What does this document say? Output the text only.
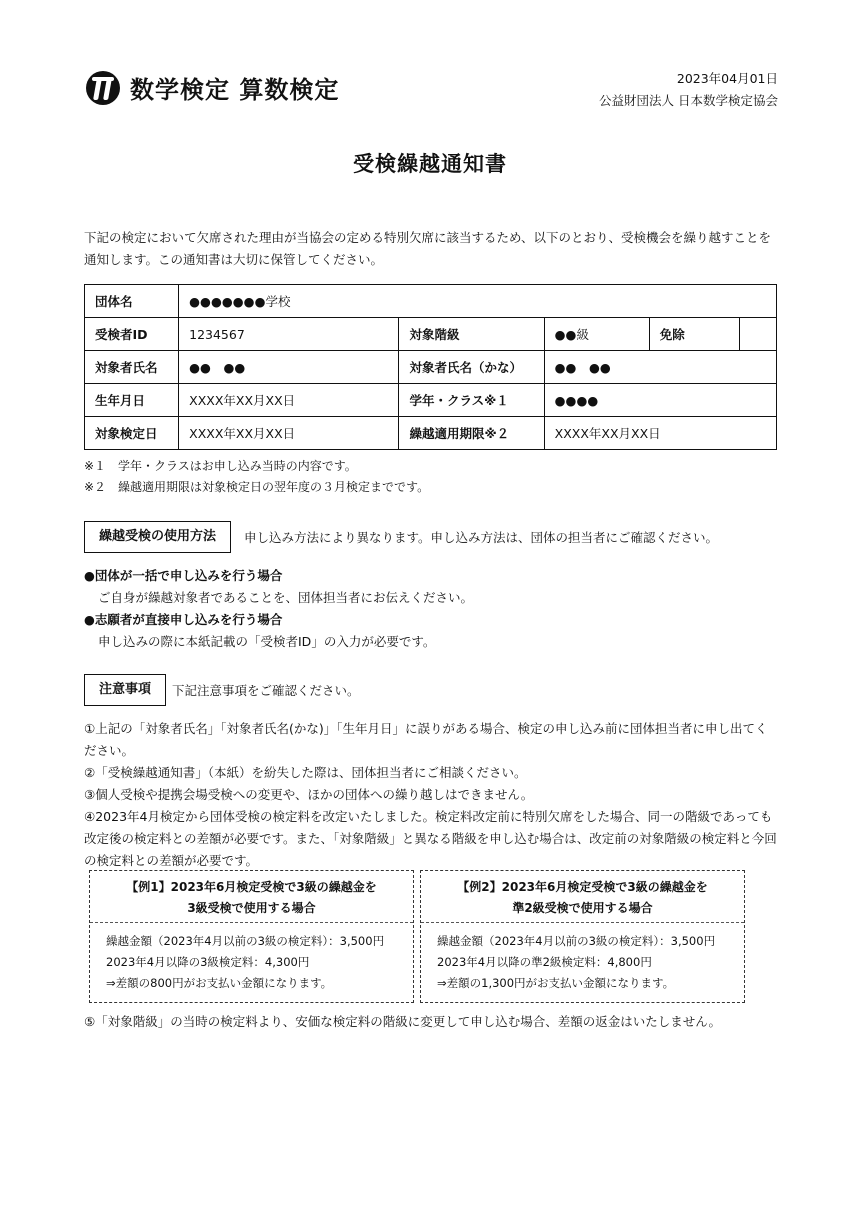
数学検定 算数検定	2023年04月01日
公益財団法人 日本数学検定協会
受検繰越通知書
下記の検定において欠席された理由が当協会の定める特別欠席に該当するため、以下のとおり、受検機会を繰り越すことを通知します。この通知書は大切に保管してください。
団体名	●●●●●●●学校				
受検者ID	1234567	対象階級	●●級	免除	
対象者氏名	●●　●●	対象者氏名（かな）	●●　●●		
生年月日	XXXX年XX月XX日	学年・クラス※１	●●●●		
対象検定日	XXXX年XX月XX日	繰越適用期限※２	XXXX年XX月XX日		
※１　学年・クラスはお申し込み当時の内容です。
※２　繰越適用期限は対象検定日の翌年度の３月検定までです。
繰越受検の使用方法	申し込み方法により異なります。申し込み方法は、団体の担当者にご確認ください。
●団体が一括で申し込みを行う場合
ご自身が繰越対象者であることを、団体担当者にお伝えください。
●志願者が直接申し込みを行う場合
申し込みの際に本紙記載の「受検者ID」の入力が必要です。
注意事項	下記注意事項をご確認ください。
①上記の「対象者氏名」「対象者氏名(かな)」「生年月日」に誤りがある場合、検定の申し込み前に団体担当者に申し出てください。
②「受検繰越通知書」（本紙）を紛失した際は、団体担当者にご相談ください。
③個人受検や提携会場受検への変更や、ほかの団体への繰り越しはできません。
④2023年4月検定から団体受検の検定料を改定いたしました。検定料改定前に特別欠席をした場合、同一の階級であっても改定後の検定料との差額が必要です。また、「対象階級」と異なる階級を申し込む場合は、改定前の対象階級の検定料と今回の検定料との差額が必要です。
【例1】2023年6月検定受検で3級の繰越金を
3級受検で使用する場合
繰越金額（2023年4月以前の3級の検定料）：3,500円
2023年4月以降の3級検定料：4,300円
⇒差額の800円がお支払い金額になります。
【例2】2023年6月検定受検で3級の繰越金を
準2級受検で使用する場合
繰越金額（2023年4月以前の3級の検定料）：3,500円
2023年4月以降の準2級検定料：4,800円
⇒差額の1,300円がお支払い金額になります。
⑤「対象階級」の当時の検定料より、安価な検定料の階級に変更して申し込む場合、差額の返金はいたしません。
